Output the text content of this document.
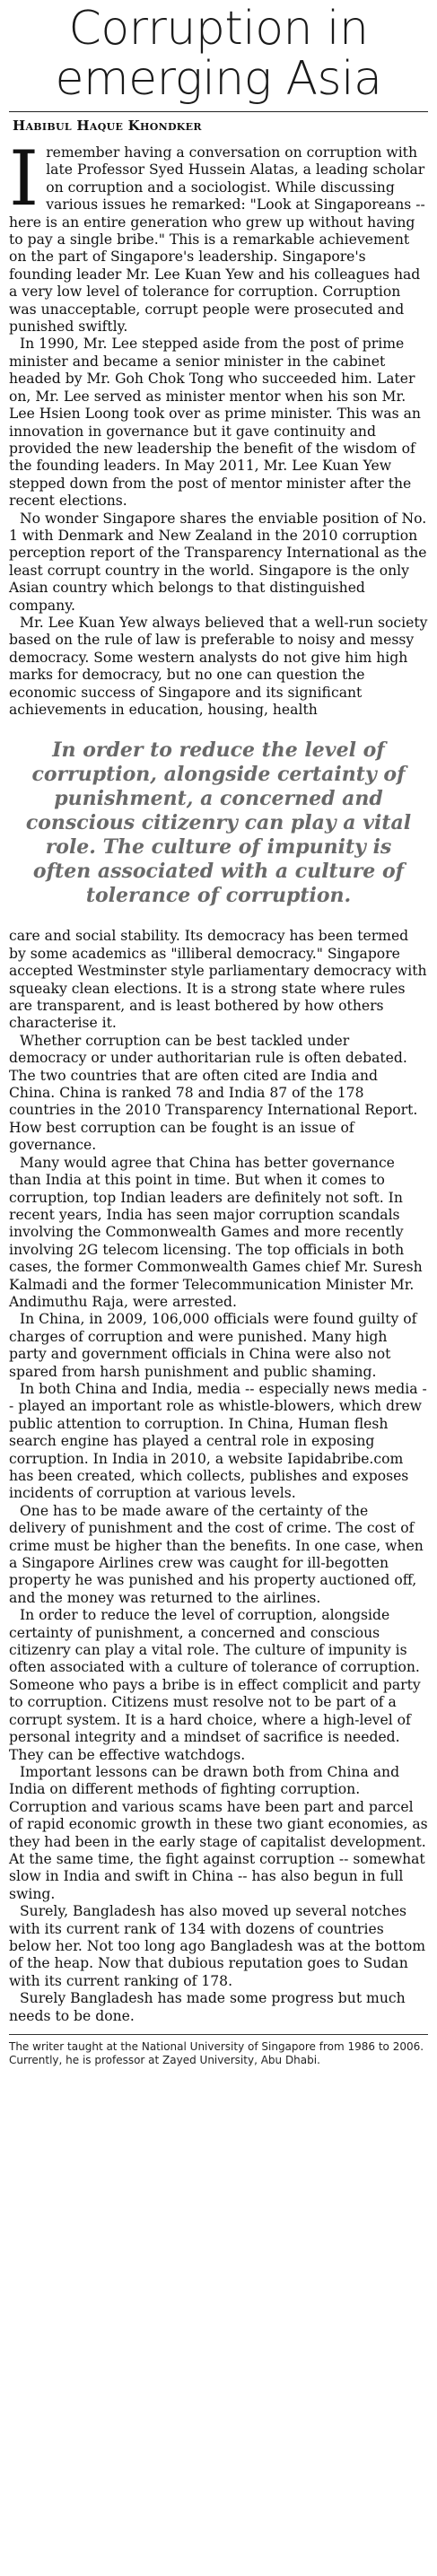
Corruption in emerging Asia
Habibul Haque Khondker

Iremember having a conversation on corruption with late Professor Syed Hussein Alatas, a leading scholar on corruption and a sociologist. While discussing various issues he remarked: "Look at Singaporeans -- here is an entire generation who grew up without having to pay a single bribe." This is a remarkable achievement on the part of Singapore's leadership. Singapore's founding leader Mr. Lee Kuan Yew and his colleagues had a very low level of tolerance for corruption. Corruption was unacceptable, corrupt people were prosecuted and punished swiftly.

In 1990, Mr. Lee stepped aside from the post of prime minister and became a senior minister in the cabinet headed by Mr. Goh Chok Tong who succeeded him. Later on, Mr. Lee served as minister mentor when his son Mr. Lee Hsien Loong took over as prime minister. This was an innovation in governance but it gave continuity and provided the new leadership the benefit of the wisdom of the founding leaders. In May 2011, Mr. Lee Kuan Yew stepped down from the post of mentor minister after the recent elections.

No wonder Singapore shares the enviable position of No. 1 with Denmark and New Zealand in the 2010 corruption perception report of the Transparency International as the least corrupt country in the world. Singapore is the only Asian country which belongs to that distinguished company.

Mr. Lee Kuan Yew always believed that a well-run society based on the rule of law is preferable to noisy and messy democracy. Some western analysts do not give him high marks for democracy, but no one can question the economic success of Singapore and its significant achievements in education, housing, health

In order to reduce the level of corruption, alongside certainty of punishment, a concerned and conscious citizenry can play a vital role. The culture of impunity is often associated with a culture of tolerance of corruption.

care and social stability. Its democracy has been termed by some academics as "illiberal democracy." Singapore accepted Westminster style parliamentary democracy with squeaky clean elections. It is a strong state where rules are transparent, and is least bothered by how others characterise it.

Whether corruption can be best tackled under democracy or under authoritarian rule is often debated. The two countries that are often cited are India and China. China is ranked 78 and India 87 of the 178 countries in the 2010 Transparency International Report. How best corruption can be fought is an issue of governance.

Many would agree that China has better governance than India at this point in time. But when it comes to corruption, top Indian leaders are definitely not soft. In recent years, India has seen major corruption scandals involving the Commonwealth Games and more recently involving 2G telecom licensing. The top officials in both cases, the former Commonwealth Games chief Mr. Suresh Kalmadi and the former Telecommunication Minister Mr. Andimuthu Raja, were arrested.

In China, in 2009, 106,000 officials were found guilty of charges of corruption and were punished. Many high party and government officials in China were also not spared from harsh punishment and public shaming.

In both China and India, media -- especially news media -- played an important role as whistle-blowers, which drew public attention to corruption. In China, Human flesh search engine has played a central role in exposing corruption. In India in 2010, a website Iapidabribe.com has been created, which collects, publishes and exposes incidents of corruption at various levels.

One has to be made aware of the certainty of the delivery of punishment and the cost of crime. The cost of crime must be higher than the benefits. In one case, when a Singapore Airlines crew was caught for ill-begotten property he was punished and his property auctioned off, and the money was returned to the airlines.

In order to reduce the level of corruption, alongside certainty of punishment, a concerned and conscious citizenry can play a vital role. The culture of impunity is often associated with a culture of tolerance of corruption. Someone who pays a bribe is in effect complicit and party to corruption. Citizens must resolve not to be part of a corrupt system. It is a hard choice, where a high-level of personal integrity and a mindset of sacrifice is needed. They can be effective watchdogs.

Important lessons can be drawn both from China and India on different methods of fighting corruption. Corruption and various scams have been part and parcel of rapid economic growth in these two giant economies, as they had been in the early stage of capitalist development. At the same time, the fight against corruption -- somewhat slow in India and swift in China -- has also begun in full swing.

Surely, Bangladesh has also moved up several notches with its current rank of 134 with dozens of countries below her. Not too long ago Bangladesh was at the bottom of the heap. Now that dubious reputation goes to Sudan with its current ranking of 178.

Surely Bangladesh has made some progress but much needs to be done.

The writer taught at the National University of Singapore from 1986 to 2006. Currently, he is professor at Zayed University, Abu Dhabi.
